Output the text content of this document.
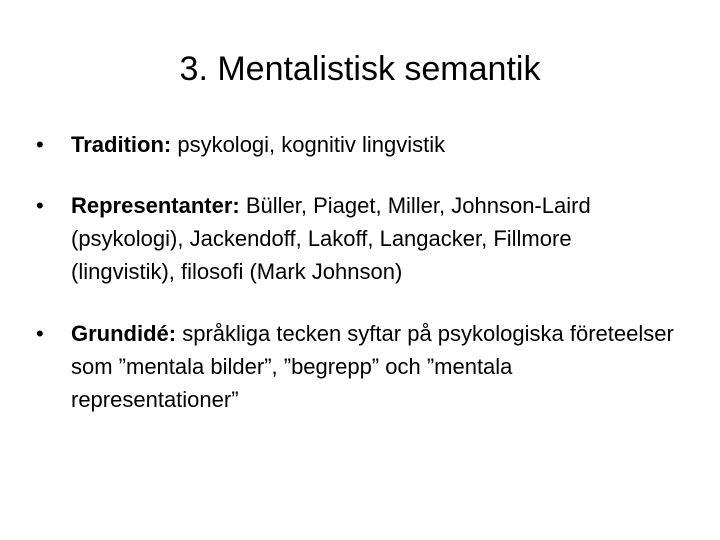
3. Mentalistisk semantik
•	Tradition: psykologi, kognitiv lingvistik
•	Representanter: Büller, Piaget, Miller, Johnson-Laird (psykologi), Jackendoff, Lakoff, Langacker, Fillmore (lingvistik), filosofi (Mark Johnson)
•	Grundidé: språkliga tecken syftar på psykologiska företeelser som ”mentala bilder”, ”begrepp” och ”mentala representationer”
